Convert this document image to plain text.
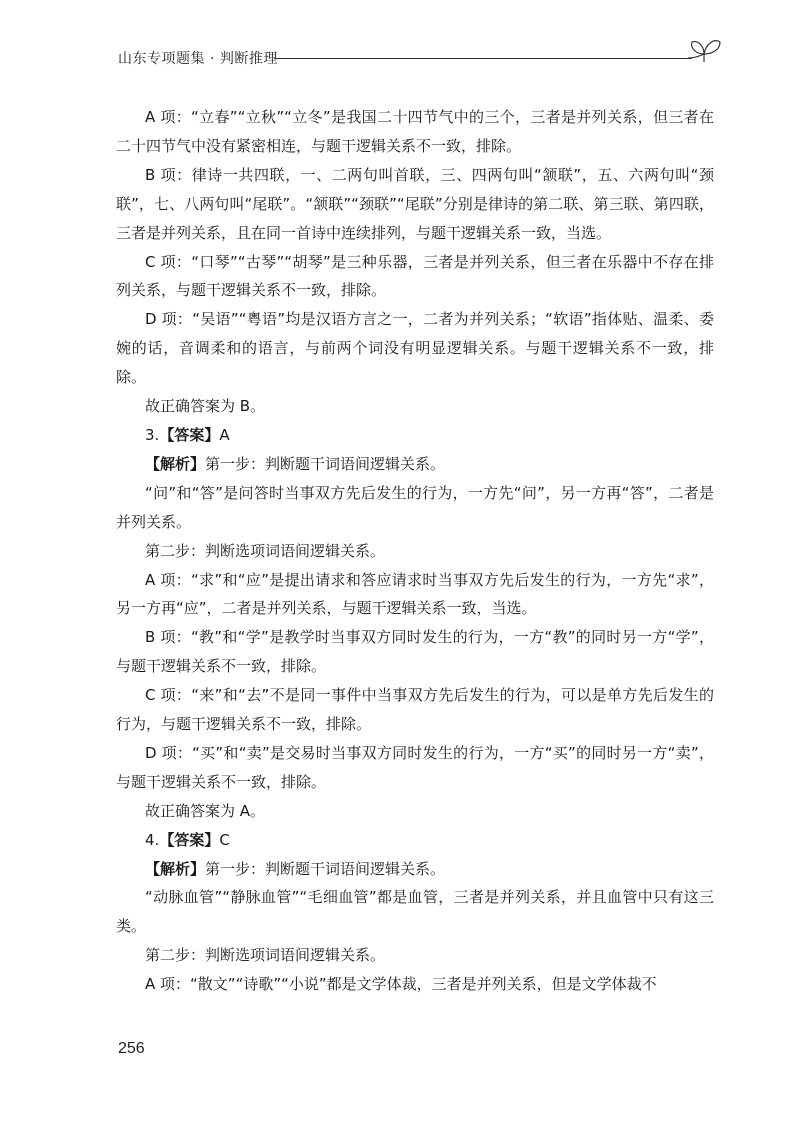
山东专项题集 · 判断推理

A 项：“立春”“立秋”“立冬”是我国二十四节气中的三个，三者是并列关系，但三者在二十四节气中没有紧密相连，与题干逻辑关系不一致，排除。

B 项：律诗一共四联，一、二两句叫首联，三、四两句叫“颔联”，五、六两句叫“颈联”，七、八两句叫“尾联”。“颔联”“颈联”“尾联”分别是律诗的第二联、第三联、第四联，三者是并列关系，且在同一首诗中连续排列，与题干逻辑关系一致，当选。

C 项：“口琴”“古琴”“胡琴”是三种乐器，三者是并列关系，但三者在乐器中不存在排列关系，与题干逻辑关系不一致，排除。

D 项：“吴语”“粤语”均是汉语方言之一，二者为并列关系；“软语”指体贴、温柔、委婉的话，音调柔和的语言，与前两个词没有明显逻辑关系。与题干逻辑关系不一致，排除。

故正确答案为 B。

3.【答案】A

【解析】第一步：判断题干词语间逻辑关系。

“问”和“答”是问答时当事双方先后发生的行为，一方先“问”，另一方再“答”，二者是并列关系。

第二步：判断选项词语间逻辑关系。

A 项：“求”和“应”是提出请求和答应请求时当事双方先后发生的行为，一方先“求”，另一方再“应”，二者是并列关系，与题干逻辑关系一致，当选。

B 项：“教”和“学”是教学时当事双方同时发生的行为，一方“教”的同时另一方“学”，与题干逻辑关系不一致，排除。

C 项：“来”和“去”不是同一事件中当事双方先后发生的行为，可以是单方先后发生的行为，与题干逻辑关系不一致，排除。

D 项：“买”和“卖”是交易时当事双方同时发生的行为，一方“买”的同时另一方“卖”，与题干逻辑关系不一致，排除。

故正确答案为 A。

4.【答案】C

【解析】第一步：判断题干词语间逻辑关系。

“动脉血管”“静脉血管”“毛细血管”都是血管，三者是并列关系，并且血管中只有这三类。

第二步：判断选项词语间逻辑关系。

A 项：“散文”“诗歌”“小说”都是文学体裁，三者是并列关系，但是文学体裁不

256
